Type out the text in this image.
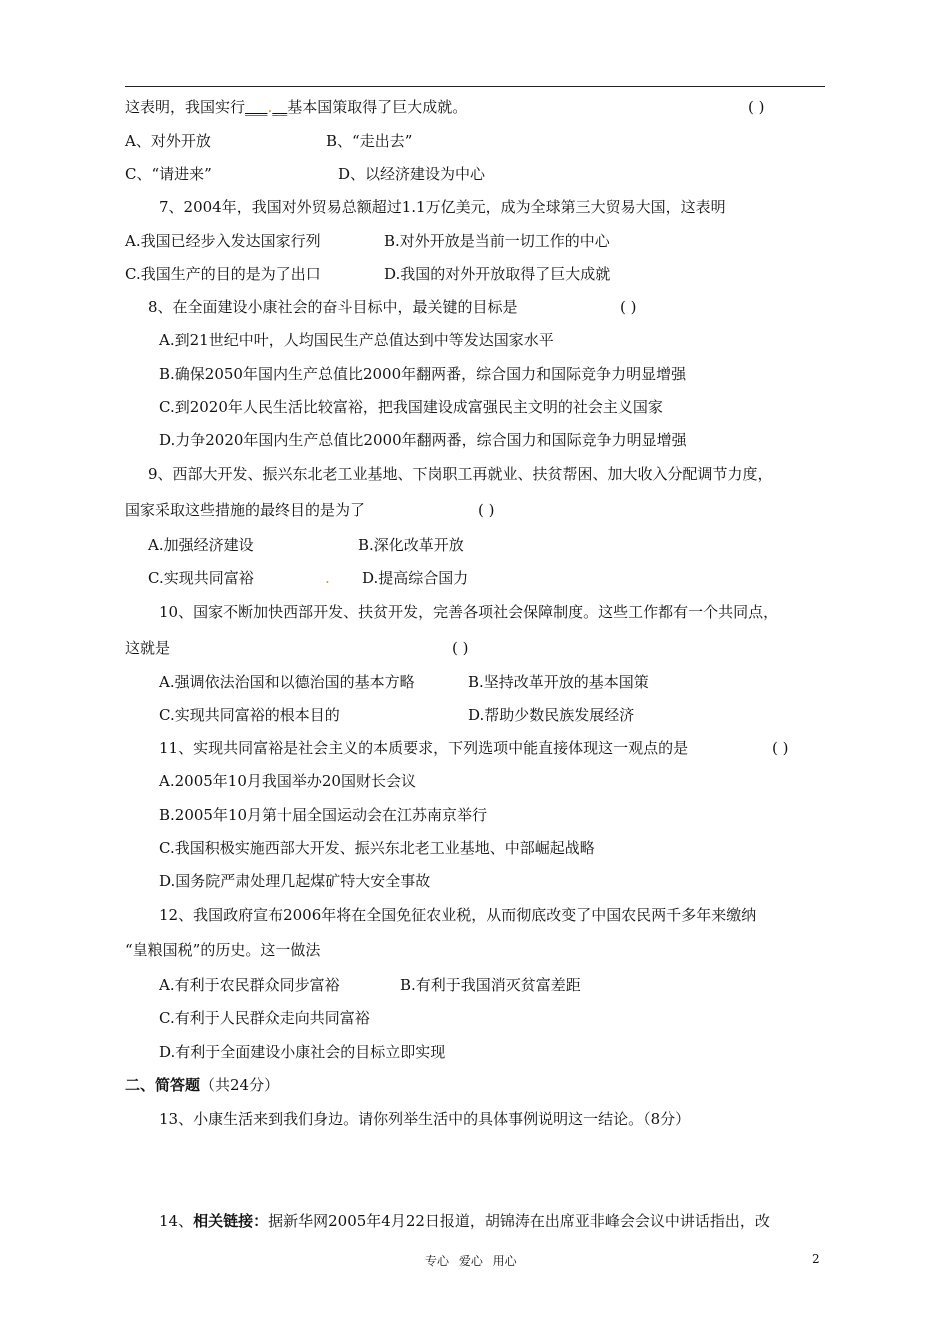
这表明，我国实行___.__基本国策取得了巨大成就。	( )
A、对外开放	B、“走出去”
C、“请进来”	D、以经济建设为中心
7、2004年，我国对外贸易总额超过1.1万亿美元，成为全球第三大贸易大国，这表明
A.我国已经步入发达国家行列	B.对外开放是当前一切工作的中心
C.我国生产的目的是为了出口	D.我国的对外开放取得了巨大成就
8、在全面建设小康社会的奋斗目标中，最关键的目标是	( )
A.到21世纪中叶，人均国民生产总值达到中等发达国家水平
B.确保2050年国内生产总值比2000年翻两番，综合国力和国际竞争力明显增强
C.到2020年人民生活比较富裕，把我国建设成富强民主文明的社会主义国家
D.力争2020年国内生产总值比2000年翻两番，综合国力和国际竞争力明显增强
9、西部大开发、振兴东北老工业基地、下岗职工再就业、扶贫帮困、加大收入分配调节力度，
国家采取这些措施的最终目的是为了	( )
A.加强经济建设	B.深化改革开放
C.实现共同富裕	. D.提高综合国力
10、国家不断加快西部开发、扶贫开发，完善各项社会保障制度。这些工作都有一个共同点，
这就是	( )
A.强调依法治国和以德治国的基本方略	B.坚持改革开放的基本国策
C.实现共同富裕的根本目的	D.帮助少数民族发展经济
11、实现共同富裕是社会主义的本质要求，下列选项中能直接体现这一观点的是	( )
A.2005年10月我国举办20国财长会议
B.2005年10月第十届全国运动会在江苏南京举行
C.我国积极实施西部大开发、振兴东北老工业基地、中部崛起战略
D.国务院严肃处理几起煤矿特大安全事故
12、我国政府宣布2006年将在全国免征农业税，从而彻底改变了中国农民两千多年来缴纳
“皇粮国税”的历史。这一做法
A.有利于农民群众同步富裕	B.有利于我国消灭贫富差距
C.有利于人民群众走向共同富裕
D.有利于全面建设小康社会的目标立即实现
二、简答题（共24分）
13、小康生活来到我们身边。请你列举生活中的具体事例说明这一结论。（8分）
14、相关链接：据新华网2005年4月22日报道，胡锦涛在出席亚非峰会会议中讲话指出，改
专心 爱心 用心	2
